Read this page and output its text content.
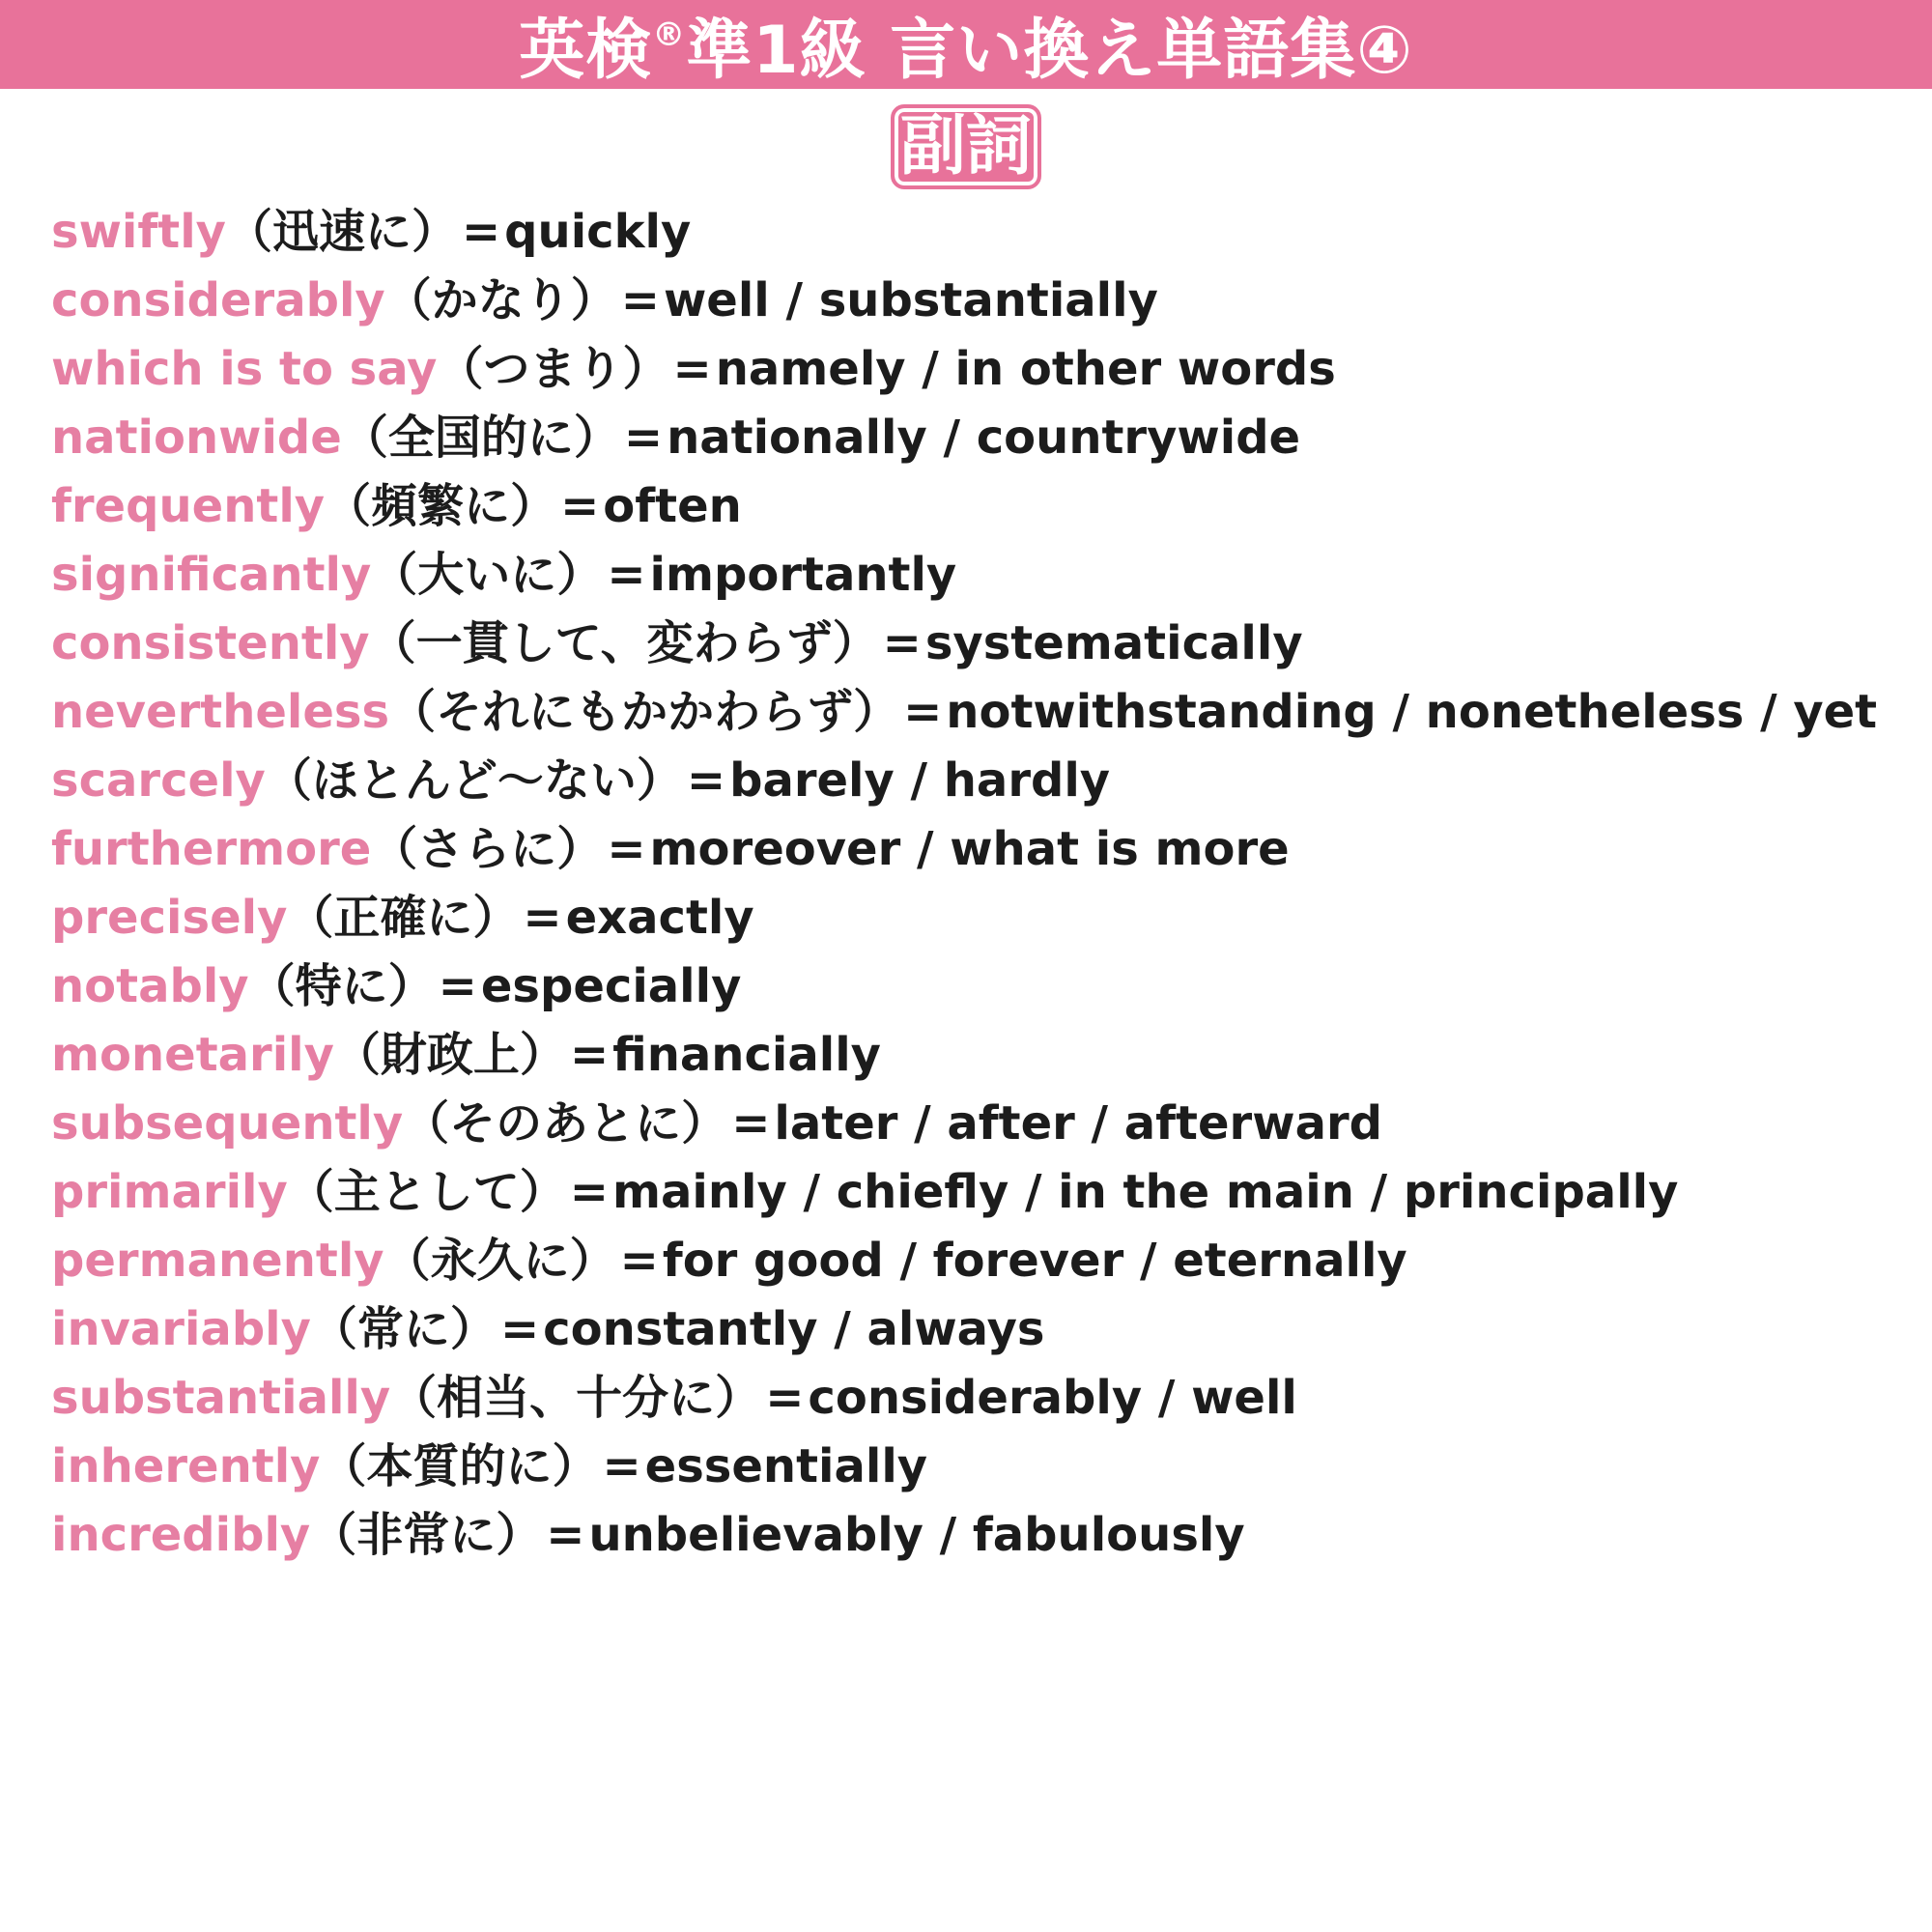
英検®準1級 言い換え単語集④
副詞
swiftly（迅速に）=quickly
considerably（かなり）=well / substantially
which is to say（つまり）=namely / in other words
nationwide（全国的に）=nationally / countrywide
frequently（頻繁に）=often
significantly（大いに）=importantly
consistently（一貫して、変わらず）=systematically
nevertheless（それにもかかわらず）=notwithstanding / nonetheless / yet
scarcely（ほとんど〜ない）=barely / hardly
furthermore（さらに）=moreover / what is more
precisely（正確に）=exactly
notably（特に）=especially
monetarily（財政上）=financially
subsequently（そのあとに）=later / after / afterward
primarily（主として）=mainly / chiefly / in the main / principally
permanently（永久に）=for good / forever / eternally
invariably（常に）=constantly / always
substantially（相当、十分に）=considerably / well
inherently（本質的に）=essentially
incredibly（非常に）=unbelievably / fabulously
